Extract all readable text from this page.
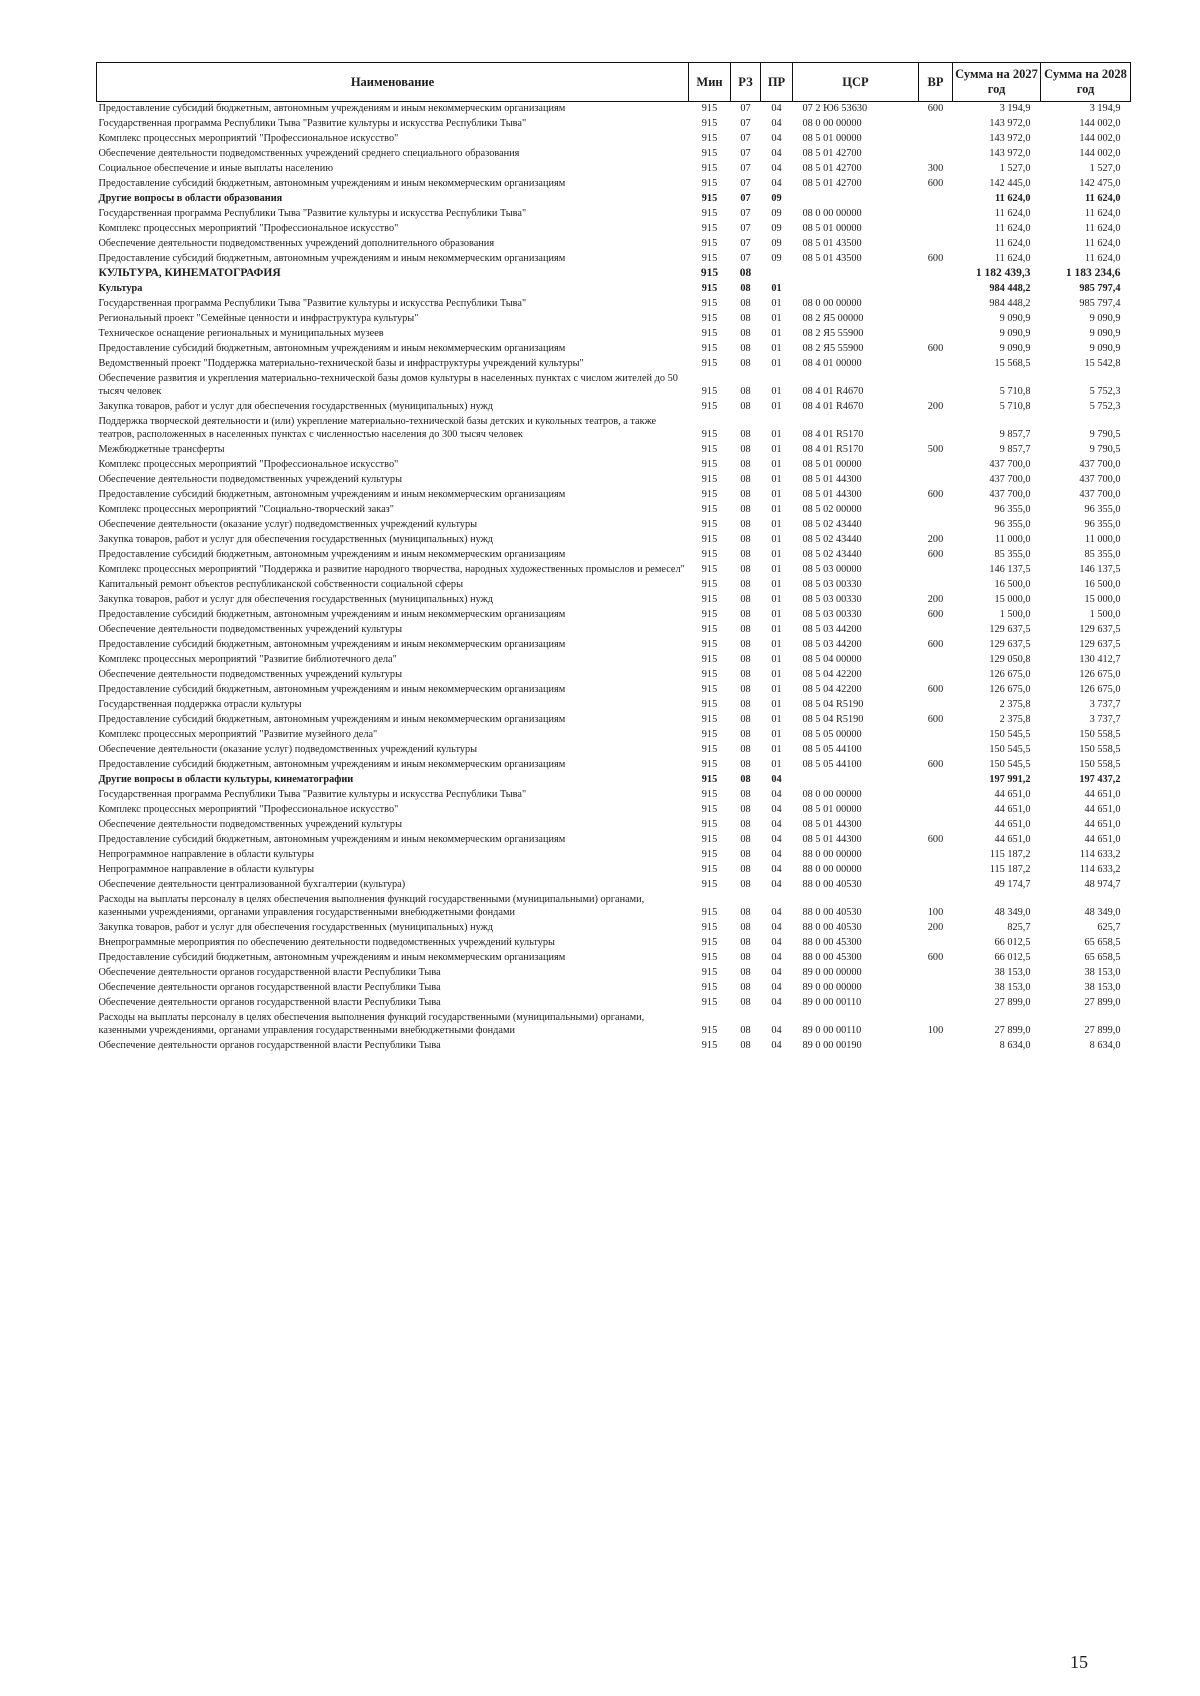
Наименование	Мин	РЗ	ПР	ЦСР	ВР	Сумма на 2027 год	Сумма на 2028 год
Предоставление субсидий бюджетным, автономным учреждениям и иным некоммерческим организациям	915	07	04	07 2 Ю6 53630	600	3 194,9	3 194,9
Государственная программа Республики Тыва "Развитие культуры и искусства Республики Тыва"	915	07	04	08 0 00 00000		143 972,0	144 002,0
Комплекс процессных мероприятий "Профессиональное искусство"	915	07	04	08 5 01 00000		143 972,0	144 002,0
Обеспечение деятельности подведомственных учреждений среднего специального образования	915	07	04	08 5 01 42700		143 972,0	144 002,0
Социальное обеспечение и иные выплаты населению	915	07	04	08 5 01 42700	300	1 527,0	1 527,0
Предоставление субсидий бюджетным, автономным учреждениям и иным некоммерческим организациям	915	07	04	08 5 01 42700	600	142 445,0	142 475,0
Другие вопросы в области образования	915	07	09			11 624,0	11 624,0
Государственная программа Республики Тыва "Развитие культуры и искусства Республики Тыва"	915	07	09	08 0 00 00000		11 624,0	11 624,0
Комплекс процессных мероприятий "Профессиональное искусство"	915	07	09	08 5 01 00000		11 624,0	11 624,0
Обеспечение деятельности подведомственных учреждений дополнительного образования	915	07	09	08 5 01 43500		11 624,0	11 624,0
Предоставление субсидий бюджетным, автономным учреждениям и иным некоммерческим организациям	915	07	09	08 5 01 43500	600	11 624,0	11 624,0
КУЛЬТУРА, КИНЕМАТОГРАФИЯ	915	08				1 182 439,3	1 183 234,6
Культура	915	08	01			984 448,2	985 797,4
Государственная программа Республики Тыва "Развитие культуры и искусства Республики Тыва"	915	08	01	08 0 00 00000		984 448,2	985 797,4
Региональный проект "Семейные ценности и инфраструктура культуры"	915	08	01	08 2 Я5 00000		9 090,9	9 090,9
Техническое оснащение региональных и муниципальных музеев	915	08	01	08 2 Я5 55900		9 090,9	9 090,9
Предоставление субсидий бюджетным, автономным учреждениям и иным некоммерческим организациям	915	08	01	08 2 Я5 55900	600	9 090,9	9 090,9
Ведомственный проект "Поддержка материально-технической базы и инфраструктуры учреждений культуры"	915	08	01	08 4 01 00000		15 568,5	15 542,8
Обеспечение развития и укрепления материально-технической базы домов культуры в населенных пунктах с числом жителей до 50 тысяч человек	915	08	01	08 4 01 R4670		5 710,8	5 752,3
Закупка товаров, работ и услуг для обеспечения государственных (муниципальных) нужд	915	08	01	08 4 01 R4670	200	5 710,8	5 752,3
Поддержка творческой деятельности и (или) укрепление материально-технической базы детских и кукольных театров, а также театров, расположенных в населенных пунктах с численностью населения до 300 тысяч человек	915	08	01	08 4 01 R5170		9 857,7	9 790,5
Межбюджетные трансферты	915	08	01	08 4 01 R5170	500	9 857,7	9 790,5
Комплекс процессных мероприятий "Профессиональное искусство"	915	08	01	08 5 01 00000		437 700,0	437 700,0
Обеспечение деятельности подведомственных учреждений культуры	915	08	01	08 5 01 44300		437 700,0	437 700,0
Предоставление субсидий бюджетным, автономным учреждениям и иным некоммерческим организациям	915	08	01	08 5 01 44300	600	437 700,0	437 700,0
Комплекс процессных мероприятий "Социально-творческий заказ"	915	08	01	08 5 02 00000		96 355,0	96 355,0
Обеспечение деятельности (оказание услуг) подведомственных учреждений культуры	915	08	01	08 5 02 43440		96 355,0	96 355,0
Закупка товаров, работ и услуг для обеспечения государственных (муниципальных) нужд	915	08	01	08 5 02 43440	200	11 000,0	11 000,0
Предоставление субсидий бюджетным, автономным учреждениям и иным некоммерческим организациям	915	08	01	08 5 02 43440	600	85 355,0	85 355,0
Комплекс процессных мероприятий "Поддержка и развитие народного творчества, народных художественных промыслов и ремесел"	915	08	01	08 5 03 00000		146 137,5	146 137,5
Капитальный ремонт объектов республиканской собственности социальной сферы	915	08	01	08 5 03 00330		16 500,0	16 500,0
Закупка товаров, работ и услуг для обеспечения государственных (муниципальных) нужд	915	08	01	08 5 03 00330	200	15 000,0	15 000,0
Предоставление субсидий бюджетным, автономным учреждениям и иным некоммерческим организациям	915	08	01	08 5 03 00330	600	1 500,0	1 500,0
Обеспечение деятельности подведомственных учреждений культуры	915	08	01	08 5 03 44200		129 637,5	129 637,5
Предоставление субсидий бюджетным, автономным учреждениям и иным некоммерческим организациям	915	08	01	08 5 03 44200	600	129 637,5	129 637,5
Комплекс процессных мероприятий "Развитие библиотечного дела"	915	08	01	08 5 04 00000		129 050,8	130 412,7
Обеспечение деятельности подведомственных учреждений культуры	915	08	01	08 5 04 42200		126 675,0	126 675,0
Предоставление субсидий бюджетным, автономным учреждениям и иным некоммерческим организациям	915	08	01	08 5 04 42200	600	126 675,0	126 675,0
Государственная поддержка отрасли культуры	915	08	01	08 5 04 R5190		2 375,8	3 737,7
Предоставление субсидий бюджетным, автономным учреждениям и иным некоммерческим организациям	915	08	01	08 5 04 R5190	600	2 375,8	3 737,7
Комплекс процессных мероприятий "Развитие музейного дела"	915	08	01	08 5 05 00000		150 545,5	150 558,5
Обеспечение деятельности (оказание услуг) подведомственных учреждений культуры	915	08	01	08 5 05 44100		150 545,5	150 558,5
Предоставление субсидий бюджетным, автономным учреждениям и иным некоммерческим организациям	915	08	01	08 5 05 44100	600	150 545,5	150 558,5
Другие вопросы в области культуры, кинематографии	915	08	04			197 991,2	197 437,2
Государственная программа Республики Тыва "Развитие культуры и искусства Республики Тыва"	915	08	04	08 0 00 00000		44 651,0	44 651,0
Комплекс процессных мероприятий "Профессиональное искусство"	915	08	04	08 5 01 00000		44 651,0	44 651,0
Обеспечение деятельности подведомственных учреждений культуры	915	08	04	08 5 01 44300		44 651,0	44 651,0
Предоставление субсидий бюджетным, автономным учреждениям и иным некоммерческим организациям	915	08	04	08 5 01 44300	600	44 651,0	44 651,0
Непрограммное направление в области культуры	915	08	04	88 0 00 00000		115 187,2	114 633,2
Непрограммное направление в области культуры	915	08	04	88 0 00 00000		115 187,2	114 633,2
Обеспечение деятельности централизованной бухгалтерии (культура)	915	08	04	88 0 00 40530		49 174,7	48 974,7
Расходы на выплаты персоналу в целях обеспечения выполнения функций государственными (муниципальными) органами, казенными учреждениями, органами управления государственными внебюджетными фондами	915	08	04	88 0 00 40530	100	48 349,0	48 349,0
Закупка товаров, работ и услуг для обеспечения государственных (муниципальных) нужд	915	08	04	88 0 00 40530	200	825,7	625,7
Внепрограммные мероприятия по обеспечению деятельности подведомственных учреждений культуры	915	08	04	88 0 00 45300		66 012,5	65 658,5
Предоставление субсидий бюджетным, автономным учреждениям и иным некоммерческим организациям	915	08	04	88 0 00 45300	600	66 012,5	65 658,5
Обеспечение деятельности органов государственной власти Республики Тыва	915	08	04	89 0 00 00000		38 153,0	38 153,0
Обеспечение деятельности органов государственной власти Республики Тыва	915	08	04	89 0 00 00000		38 153,0	38 153,0
Обеспечение деятельности органов государственной власти Республики Тыва	915	08	04	89 0 00 00110		27 899,0	27 899,0
Расходы на выплаты персоналу в целях обеспечения выполнения функций государственными (муниципальными) органами, казенными учреждениями, органами управления государственными внебюджетными фондами	915	08	04	89 0 00 00110	100	27 899,0	27 899,0
Обеспечение деятельности органов государственной власти Республики Тыва	915	08	04	89 0 00 00190		8 634,0	8 634,0
15
